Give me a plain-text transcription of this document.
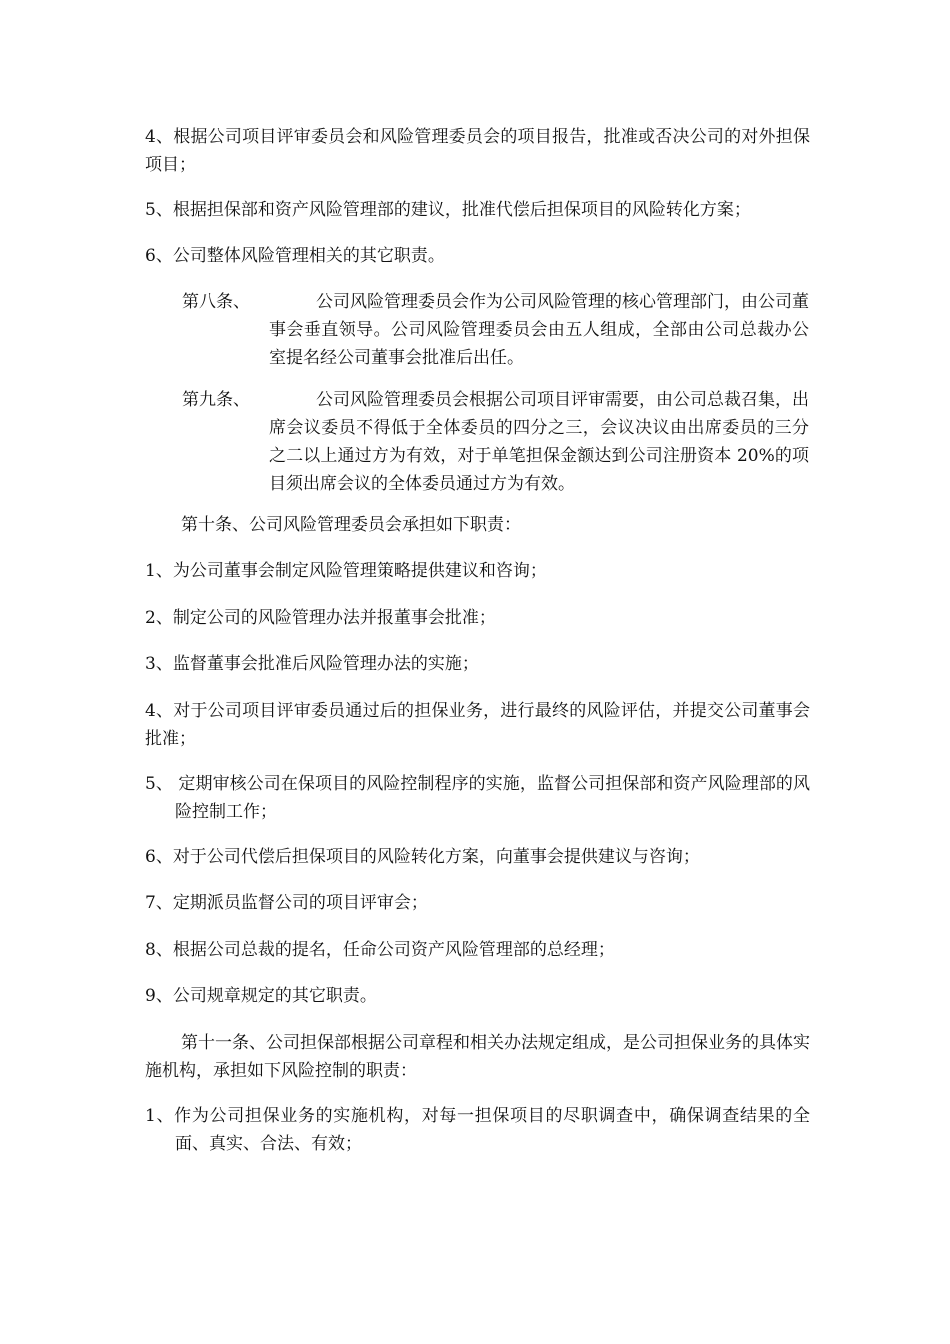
4、根据公司项目评审委员会和风险管理委员会的项目报告，批准或否决公司的对外担保项目；

5、根据担保部和资产风险管理部的建议，批准代偿后担保项目的风险转化方案；

6、公司整体风险管理相关的其它职责。

第八条、	公司风险管理委员会作为公司风险管理的核心管理部门，由公司董事会垂直领导。公司风险管理委员会由五人组成，全部由公司总裁办公室提名经公司董事会批准后出任。

第九条、	公司风险管理委员会根据公司项目评审需要，由公司总裁召集，出席会议委员不得低于全体委员的四分之三，会议决议由出席委员的三分之二以上通过方为有效，对于单笔担保金额达到公司注册资本 20%的项目须出席会议的全体委员通过方为有效。

第十条、公司风险管理委员会承担如下职责：

1、为公司董事会制定风险管理策略提供建议和咨询；

2、制定公司的风险管理办法并报董事会批准；

3、监督董事会批准后风险管理办法的实施；

4、对于公司项目评审委员通过后的担保业务，进行最终的风险评估，并提交公司董事会批准；

5、 定期审核公司在保项目的风险控制程序的实施，监督公司担保部和资产风险理部的风险控制工作；

6、对于公司代偿后担保项目的风险转化方案，向董事会提供建议与咨询；

7、定期派员监督公司的项目评审会；

8、根据公司总裁的提名，任命公司资产风险管理部的总经理；

9、公司规章规定的其它职责。

第十一条、公司担保部根据公司章程和相关办法规定组成，是公司担保业务的具体实施机构，承担如下风险控制的职责：

1、作为公司担保业务的实施机构，对每一担保项目的尽职调查中，确保调查结果的全面、真实、合法、有效；
